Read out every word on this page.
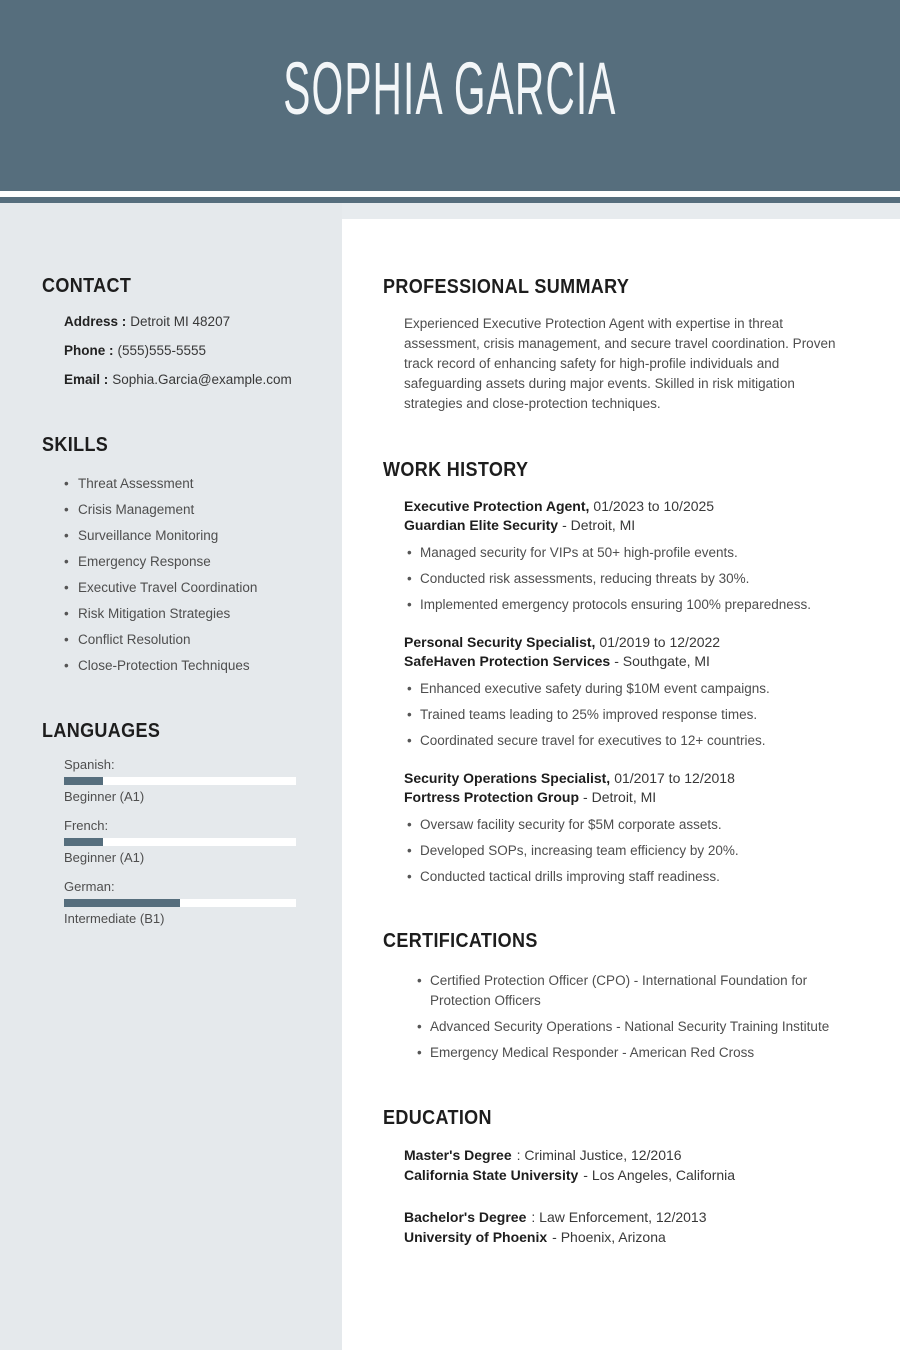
SOPHIA GARCIA
CONTACT
Address : Detroit MI 48207
Phone : (555)555-5555
Email : Sophia.Garcia@example.com
SKILLS
• Threat Assessment
• Crisis Management
• Surveillance Monitoring
• Emergency Response
• Executive Travel Coordination
• Risk Mitigation Strategies
• Conflict Resolution
• Close-Protection Techniques
LANGUAGES
Spanish:
Beginner (A1)
French:
Beginner (A1)
German:
Intermediate (B1)
PROFESSIONAL SUMMARY

Experienced Executive Protection Agent with expertise in threat assessment, crisis management, and secure travel coordination. Proven track record of enhancing safety for high-profile individuals and safeguarding assets during major events. Skilled in risk mitigation strategies and close-protection techniques.

WORK HISTORY
Executive Protection Agent, 01/2023 to 10/2025
Guardian Elite Security - Detroit, MI
• Managed security for VIPs at 50+ high-profile events.
• Conducted risk assessments, reducing threats by 30%.
• Implemented emergency protocols ensuring 100% preparedness.
Personal Security Specialist, 01/2019 to 12/2022
SafeHaven Protection Services - Southgate, MI
• Enhanced executive safety during $10M event campaigns.
• Trained teams leading to 25% improved response times.
• Coordinated secure travel for executives to 12+ countries.
Security Operations Specialist, 01/2017 to 12/2018
Fortress Protection Group - Detroit, MI
• Oversaw facility security for $5M corporate assets.
• Developed SOPs, increasing team efficiency by 20%.
• Conducted tactical drills improving staff readiness.
CERTIFICATIONS
• Certified Protection Officer (CPO) - International Foundation for Protection Officers
• Advanced Security Operations - National Security Training Institute
• Emergency Medical Responder - American Red Cross
EDUCATION
Master's Degree : Criminal Justice, 12/2016
California State University - Los Angeles, California
Bachelor's Degree : Law Enforcement, 12/2013
University of Phoenix - Phoenix, Arizona
